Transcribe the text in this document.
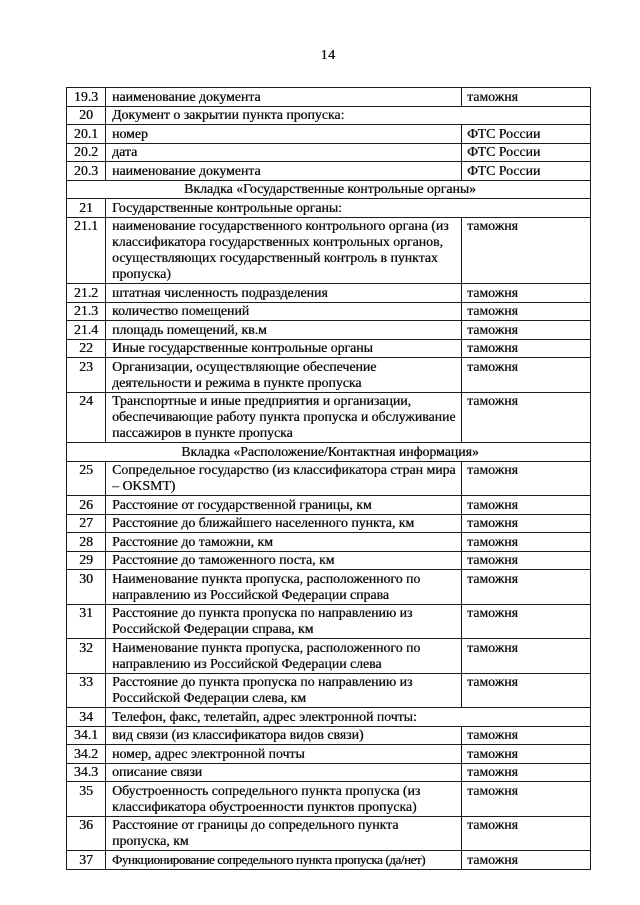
14
19.3	наименование документа	таможня
20	Документ о закрытии пункта пропуска:	
20.1	номер	ФТС России
20.2	дата	ФТС России
20.3	наименование документа	ФТС России
Вкладка «Государственные контрольные органы»		
21	Государственные контрольные органы:	
21.1	наименование государственного контрольного органа (из классификатора государственных контрольных органов, осуществляющих государственный контроль в пунктах пропуска)	таможня
21.2	штатная численность подразделения	таможня
21.3	количество помещений	таможня
21.4	площадь помещений, кв.м	таможня
22	Иные государственные контрольные органы	таможня
23	Организации, осуществляющие обеспечение деятельности и режима в пункте пропуска	таможня
24	Транспортные и иные предприятия и организации, обеспечивающие работу пункта пропуска и обслуживание пассажиров в пункте пропуска	таможня
Вкладка «Расположение/Контактная информация»		
25	Сопредельное государство (из классификатора стран мира – OKSMT)	таможня
26	Расстояние от государственной границы, км	таможня
27	Расстояние до ближайшего населенного пункта, км	таможня
28	Расстояние до таможни, км	таможня
29	Расстояние до таможенного поста, км	таможня
30	Наименование пункта пропуска, расположенного по направлению из Российской Федерации справа	таможня
31	Расстояние до пункта пропуска по направлению из Российской Федерации справа, км	таможня
32	Наименование пункта пропуска, расположенного по направлению из Российской Федерации слева	таможня
33	Расстояние до пункта пропуска по направлению из Российской Федерации слева, км	таможня
34	Телефон, факс, телетайп, адрес электронной почты:	
34.1	вид связи (из классификатора видов связи)	таможня
34.2	номер, адрес электронной почты	таможня
34.3	описание связи	таможня
35	Обустроенность сопредельного пункта пропуска (из классификатора обустроенности пунктов пропуска)	таможня
36	Расстояние от границы до сопредельного пункта пропуска, км	таможня
37	Функционирование сопредельного пункта пропуска (да/нет)	таможня
